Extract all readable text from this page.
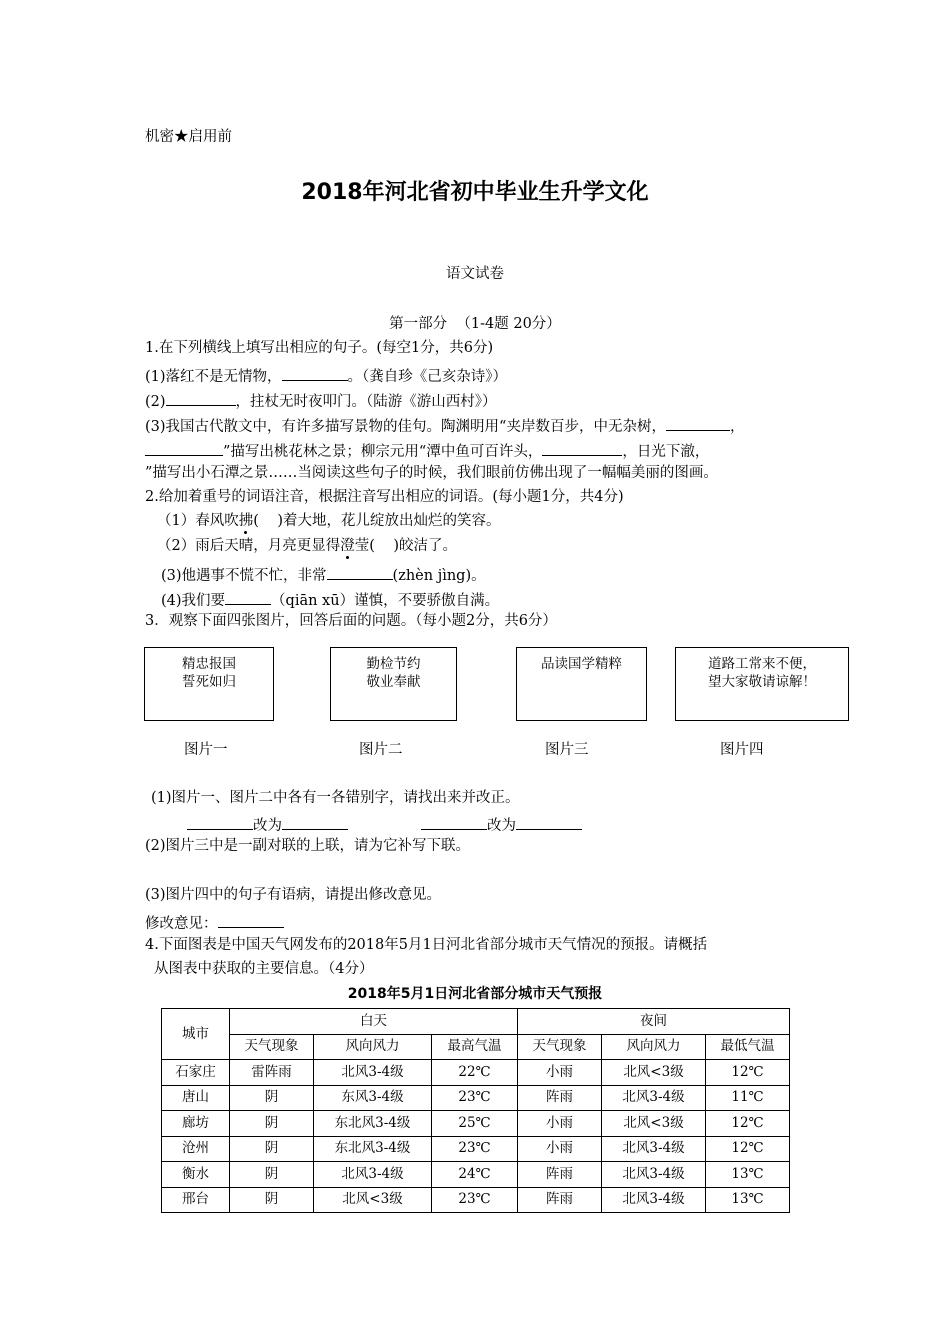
机密★启用前
2018年河北省初中毕业生升学文化
语文试卷
第一部分  （1-4题 20分）
1.在下列横线上填写出相应的句子。(每空1分，共6分)
(1)落红不是无情物，	。（龚自珍《己亥杂诗》）
(2)	，拄杖无时夜叩门。（陆游《游山西村》）
(3)我国古代散文中，有许多描写景物的佳句。陶渊明用“夹岸数百步，中无杂树，	，
”描写出桃花林之景；柳宗元用“潭中鱼可百许头，	，日光下澈，
”描写出小石潭之景……当阅读这些句子的时候，我们眼前仿佛出现了一幅幅美丽的图画。
2.给加着重号的词语注音，根据注音写出相应的词语。(每小题1分，共4分)
（1）春风吹拂(    )着大地，花儿绽放出灿烂的笑容。
（2）雨后天晴，月亮更显得澄莹(    )皎洁了。
(3)他遇事不慌不忙，非常	(zhèn jìng)。
(4)我们要	（qiān xū）谨慎，不要骄傲自满。
3．观察下面四张图片，回答后面的问题。（每小题2分，共6分）
精忠报国
誓死如归
勤检节约
敬业奉献
品读国学精粹	道路工常来不便，
望大家敬请谅解！
图片一	图片二	图片三	图片四
(1)图片一、图片二中各有一各错别字，请找出来并改正。
改为	改为
(2)图片三中是一副对联的上联，请为它补写下联。
(3)图片四中的句子有语病，请提出修改意见。
修改意见：
4.下面图表是中国天气网发布的2018年5月1日河北省部分城市天气情况的预报。请概括
从图表中获取的主要信息。（4分）
2018年5月1日河北省部分城市天气预报
城市	白天			夜间		
	天气现象	风向风力	最高气温	天气现象	风向风力	最低气温
石家庄	雷阵雨	北风3-4级	22℃	小雨	北风<3级	12℃
唐山	阴	东风3-4级	23℃	阵雨	北风3-4级	11℃
廊坊	阴	东北风3-4级	25℃	小雨	北风<3级	12℃
沧州	阴	东北风3-4级	23℃	小雨	北风3-4级	12℃
衡水	阴	北风3-4级	24℃	阵雨	北风3-4级	13℃
邢台	阴	北风<3级	23℃	阵雨	北风3-4级	13℃
